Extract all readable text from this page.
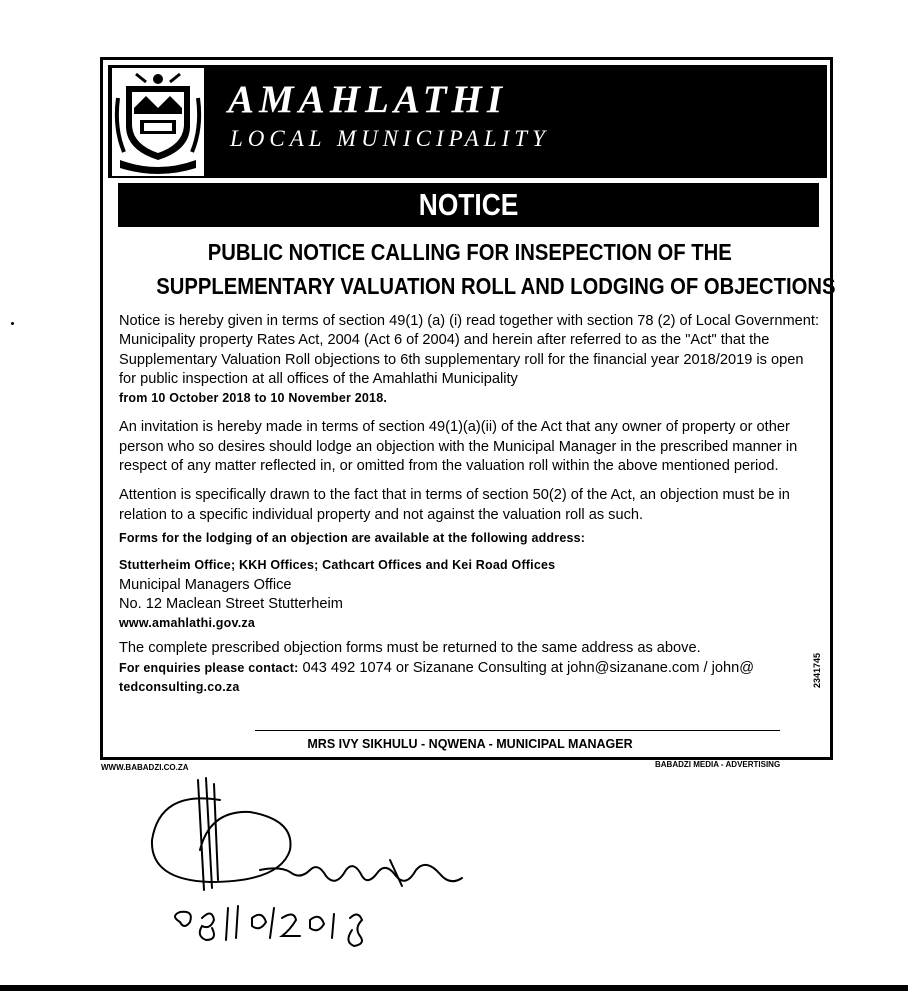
AMAHLATHI
LOCAL MUNICIPALITY
NOTICE
PUBLIC NOTICE CALLING FOR INSEPECTION OF THE
SUPPLEMENTARY VALUATION ROLL AND LODGING OF OBJECTIONS

Notice is hereby given in terms of section 49(1) (a) (i) read together with section 78 (2) of Local Government: Municipality property Rates Act, 2004 (Act 6 of 2004) and herein after referred to as the "Act" that the Supplementary Valuation Roll objections to 6th supplementary roll for the financial year 2018/2019 is open for public inspection at all offices of the Amahlathi Municipality
from 10 October 2018 to 10 November 2018.

An invitation is hereby made in terms of section 49(1)(a)(ii) of the Act that any owner of property or other person who so desires should lodge an objection with the Municipal Manager in the prescribed manner in respect of any matter reflected in, or omitted from the valuation roll within the above mentioned period.

Attention is specifically drawn to the fact that in terms of section 50(2) of the Act, an objection must be in relation to a specific individual property and not against the valuation roll as such.

Forms for the lodging of an objection are available at the following address:

Stutterheim Office; KKH Offices; Cathcart Offices and Kei Road Offices

Municipal Managers Office

No. 12 Maclean Street Stutterheim

www.amahlathi.gov.za

The complete prescribed objection forms must be returned to the same address as above.

For enquiries please contact: 043 492 1074 or Sizanane Consulting at john@sizanane.com / john@

tedconsulting.co.za	2341745
MRS IVY SIKHULU - NQWENA - MUNICIPAL MANAGER
WWW.BABADZI.CO.ZA	BABADZI MEDIA - ADVERTISING
